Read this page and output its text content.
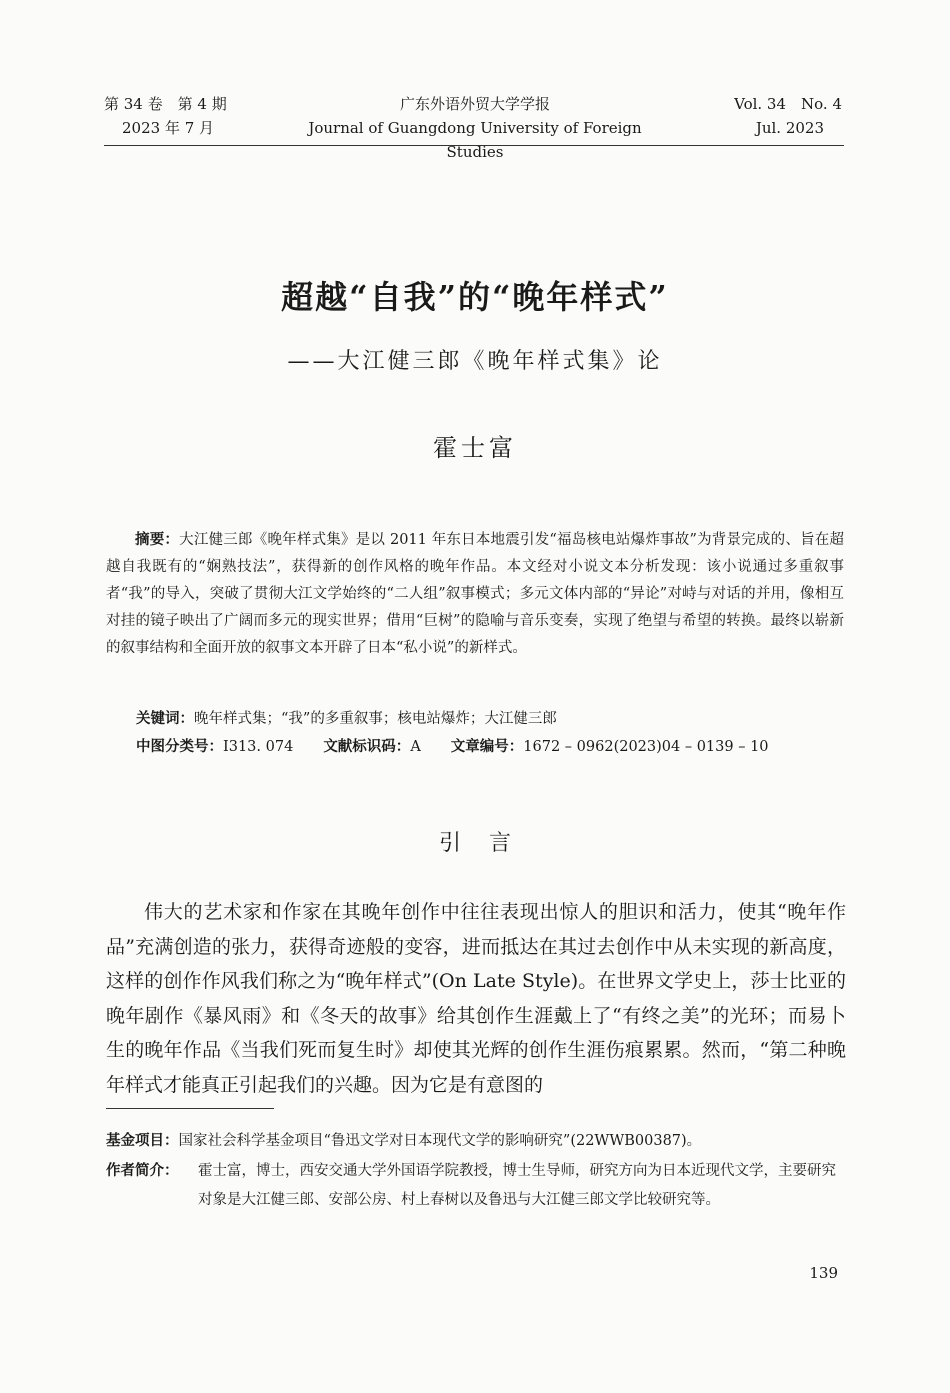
第 34 卷　第 4 期
2023 年 7 月
广东外语外贸大学学报
Journal of Guangdong University of Foreign Studies
Vol. 34　No. 4
Jul. 2023
超越“自我”的“晚年样式”
——大江健三郎《晚年样式集》论
霍士富
摘要：大江健三郎《晚年样式集》是以 2011 年东日本地震引发“福岛核电站爆炸事故”为背景完成的、旨在超越自我既有的“娴熟技法”，获得新的创作风格的晚年作品。本文经对小说文本分析发现：该小说通过多重叙事者“我”的导入，突破了贯彻大江文学始终的“二人组”叙事模式；多元文体内部的“异论”对峙与对话的并用，像相互对挂的镜子映出了广阔而多元的现实世界；借用“巨树”的隐喻与音乐变奏，实现了绝望与希望的转换。最终以崭新的叙事结构和全面开放的叙事文本开辟了日本“私小说”的新样式。
关键词：晚年样式集；“我”的多重叙事；核电站爆炸；大江健三郎
中图分类号：I313. 074 文献标识码：A 文章编号：1672 – 0962(2023)04 – 0139 – 10
引言
伟大的艺术家和作家在其晚年创作中往往表现出惊人的胆识和活力，使其“晚年作品”充满创造的张力，获得奇迹般的变容，进而抵达在其过去创作中从未实现的新高度，这样的创作作风我们称之为“晚年样式”(On Late Style)。在世界文学史上，莎士比亚的晚年剧作《暴风雨》和《冬天的故事》给其创作生涯戴上了“有终之美”的光环；而易卜生的晚年作品《当我们死而复生时》却使其光辉的创作生涯伤痕累累。然而，“第二种晚年样式才能真正引起我们的兴趣。因为它是有意图的
基金项目：国家社会科学基金项目“鲁迅文学对日本现代文学的影响研究”(22WWB00387)。
作者简介： 霍士富，博士，西安交通大学外国语学院教授，博士生导师，研究方向为日本近现代文学，主要研究对象是大江健三郎、安部公房、村上春树以及鲁迅与大江健三郎文学比较研究等。
139
